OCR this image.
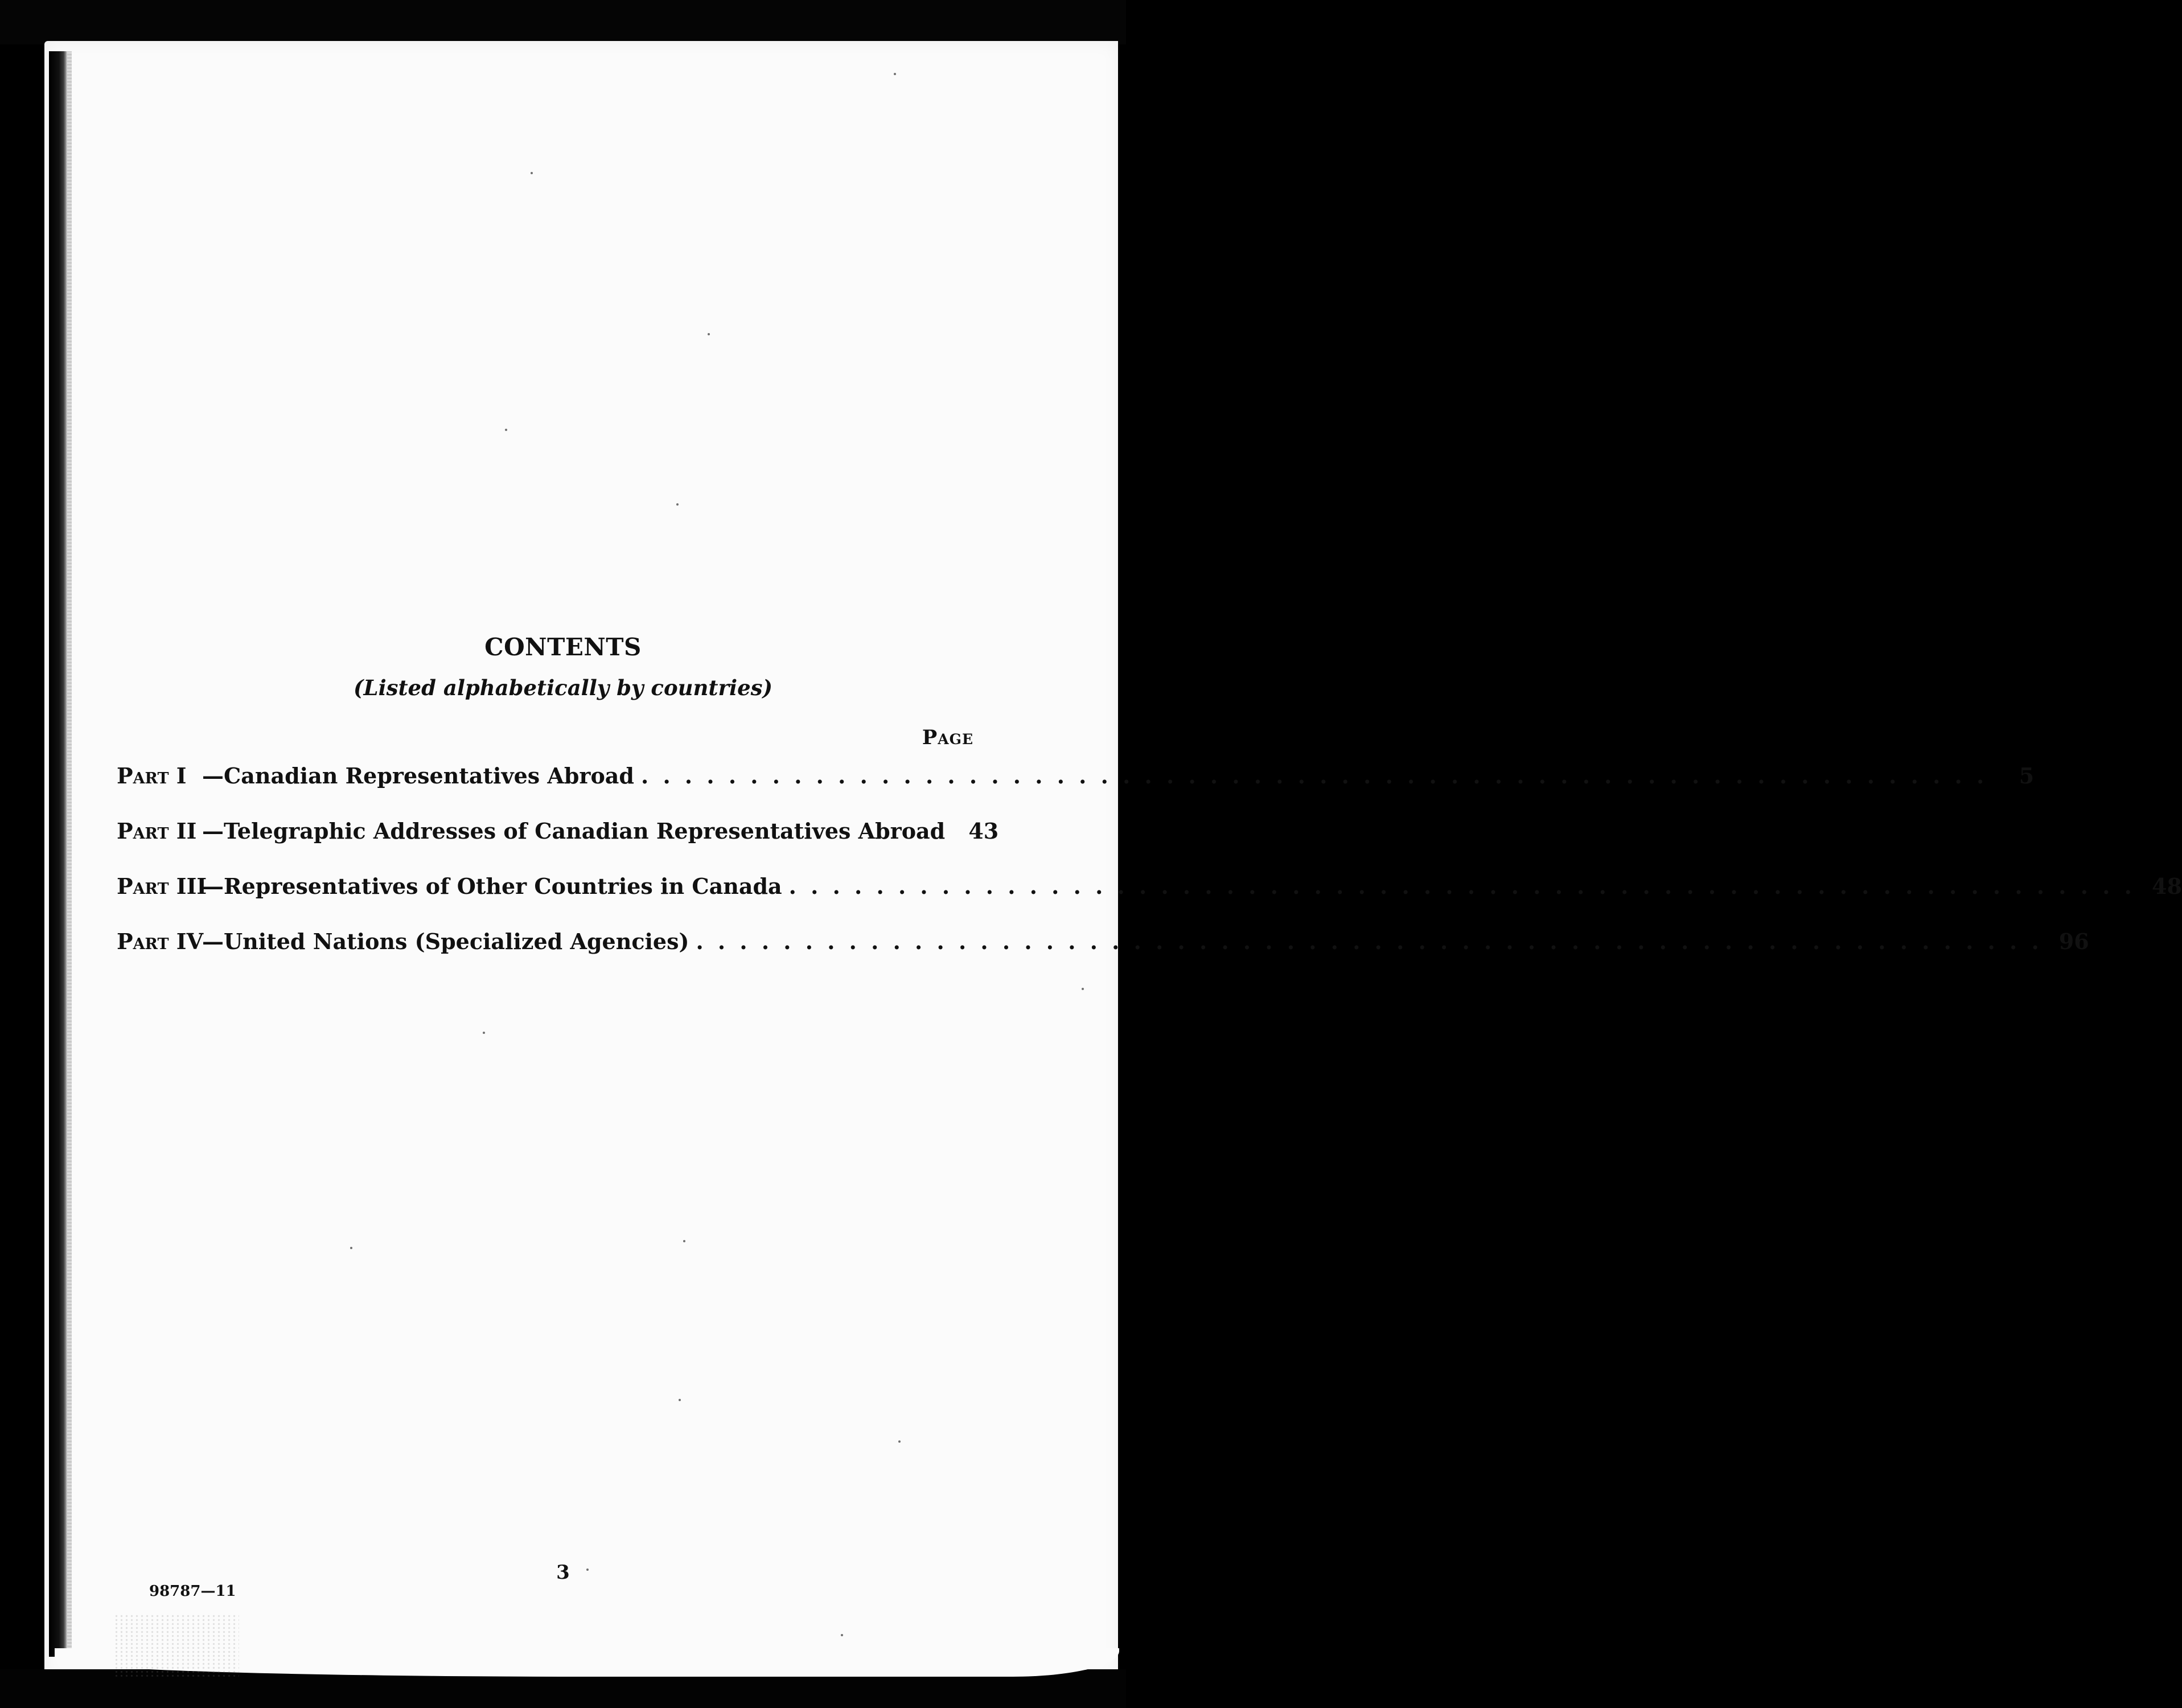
CONTENTS
(Listed alphabetically by countries)
Page
Part I —Canadian Representatives Abroad . . . . . . . . . . . . . . . . . . . . . . . . . . . . . . . . . . . . . . . . . . . . . . . . . . . . . . . . . . . . . .	5
Part II —Telegraphic Addresses of Canadian Representatives Abroad	43
Part III
—Representatives of Other Countries in Canada . . . . . . . . . . . . . . . . . . . . . . . . . . . . . . . . . . . . . . . . . . . . . . . . . . . . . . . . . . . . . . 48
Part IV
—United Nations (Specialized Agencies) . . . . . . . . . . . . . . . . . . . . . . . . . . . . . . . . . . . . . . . . . . . . . . . . . . . . . . . . . . . . . . 96
3
98787—11
